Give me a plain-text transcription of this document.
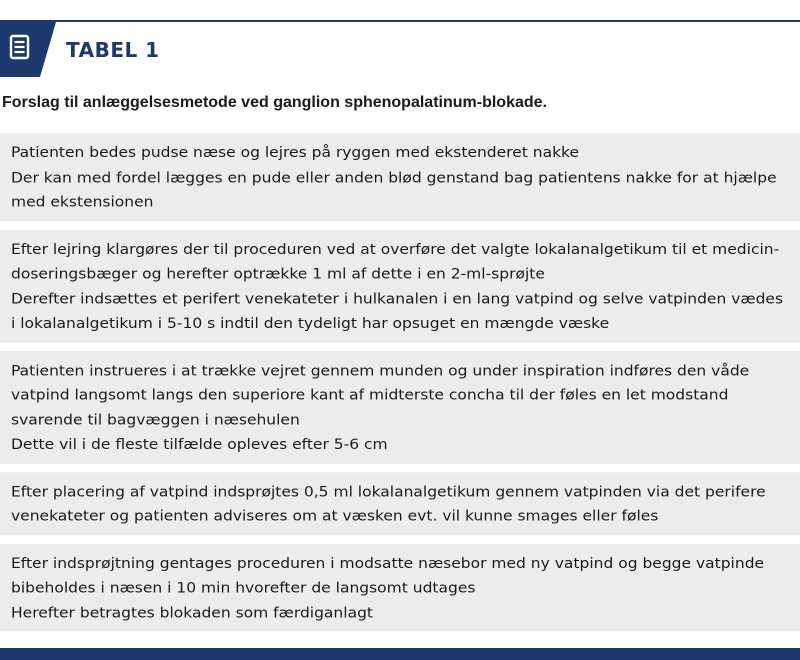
TABEL 1
Forslag til anlæggelsesmetode ved ganglion sphenopalatinum-blokade.
Patienten bedes pudse næse og lejres på ryggen med ekstenderet nakke
Der kan med fordel lægges en pude eller anden blød genstand bag patientens nakke for at hjælpe med ekstensionen
Efter lejring klargøres der til proceduren ved at overføre det valgte lokalanalgetikum til et medicin-doseringsbæger og herefter optrække 1 ml af dette i en 2-ml-sprøjte
Derefter indsættes et perifert venekateter i hulkanalen i en lang vatpind og selve vatpinden vædes i lokalanalgetikum i 5-10 s indtil den tydeligt har opsuget en mængde væske
Patienten instrueres i at trække vejret gennem munden og under inspiration indføres den våde vatpind langsomt langs den superiore kant af midterste concha til der føles en let modstand svarende til bagvæggen i næsehulen
Dette vil i de fleste tilfælde opleves efter 5-6 cm
Efter placering af vatpind indsprøjtes 0,5 ml lokalanalgetikum gennem vatpinden via det perifere venekateter og patienten adviseres om at væsken evt. vil kunne smages eller føles
Efter indsprøjtning gentages proceduren i modsatte næsebor med ny vatpind og begge vatpinde bibeholdes i næsen i 10 min hvorefter de langsomt udtages
Herefter betragtes blokaden som færdiganlagt
